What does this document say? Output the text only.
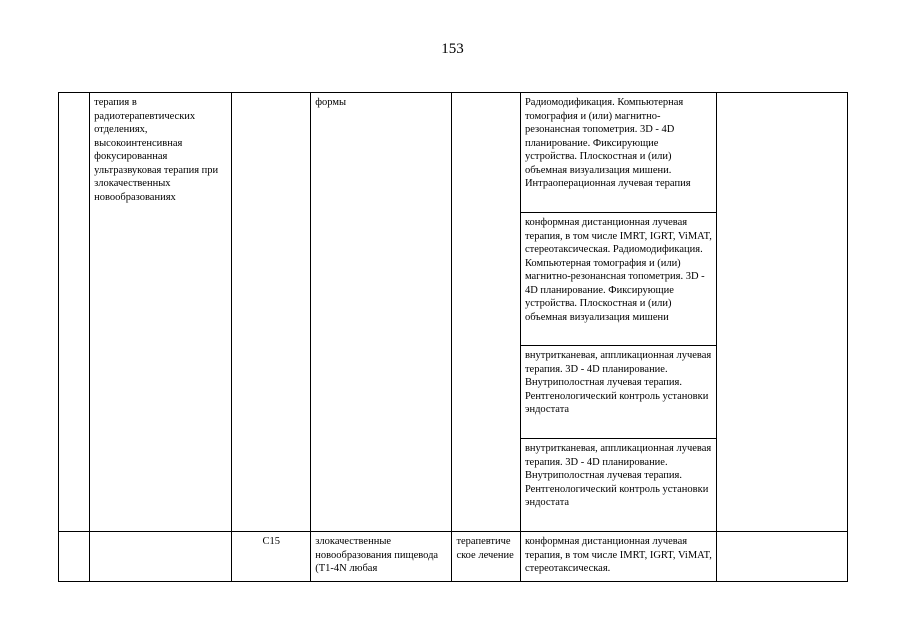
153
	терапия в радиотерапевтических отделениях, высокоинтенсивная фокусированная ультразвуковая терапия при злокачественных новообразованиях		формы		Радиомодификация. Компьютерная томография и (или) магнитно-резонансная топометрия. 3D - 4D планирование. Фиксирующие устройства. Плоскостная и (или) объемная визуализация мишени. Интраоперационная лучевая терапия	
					конформная дистанционная лучевая терапия, в том числе IMRT, IGRT, ViMAT, стереотаксическая. Радиомодификация. Компьютерная томография и (или) магнитно-резонансная топометрия. 3D - 4D планирование. Фиксирующие устройства. Плоскостная и (или) объемная визуализация мишени	
					внутритканевая, аппликационная лучевая терапия. 3D - 4D планирование. Внутриполостная лучевая терапия. Рентгенологический контроль установки эндостата	
					внутритканевая, аппликационная лучевая терапия. 3D - 4D планирование. Внутриполостная лучевая терапия. Рентгенологический контроль установки эндостата	
		С15	злокачественные новообразования пищевода (Т1-4N любая	терапевтиче ское лечение	конформная дистанционная лучевая терапия, в том числе IMRT, IGRT, ViMAT, стереотаксическая.	
